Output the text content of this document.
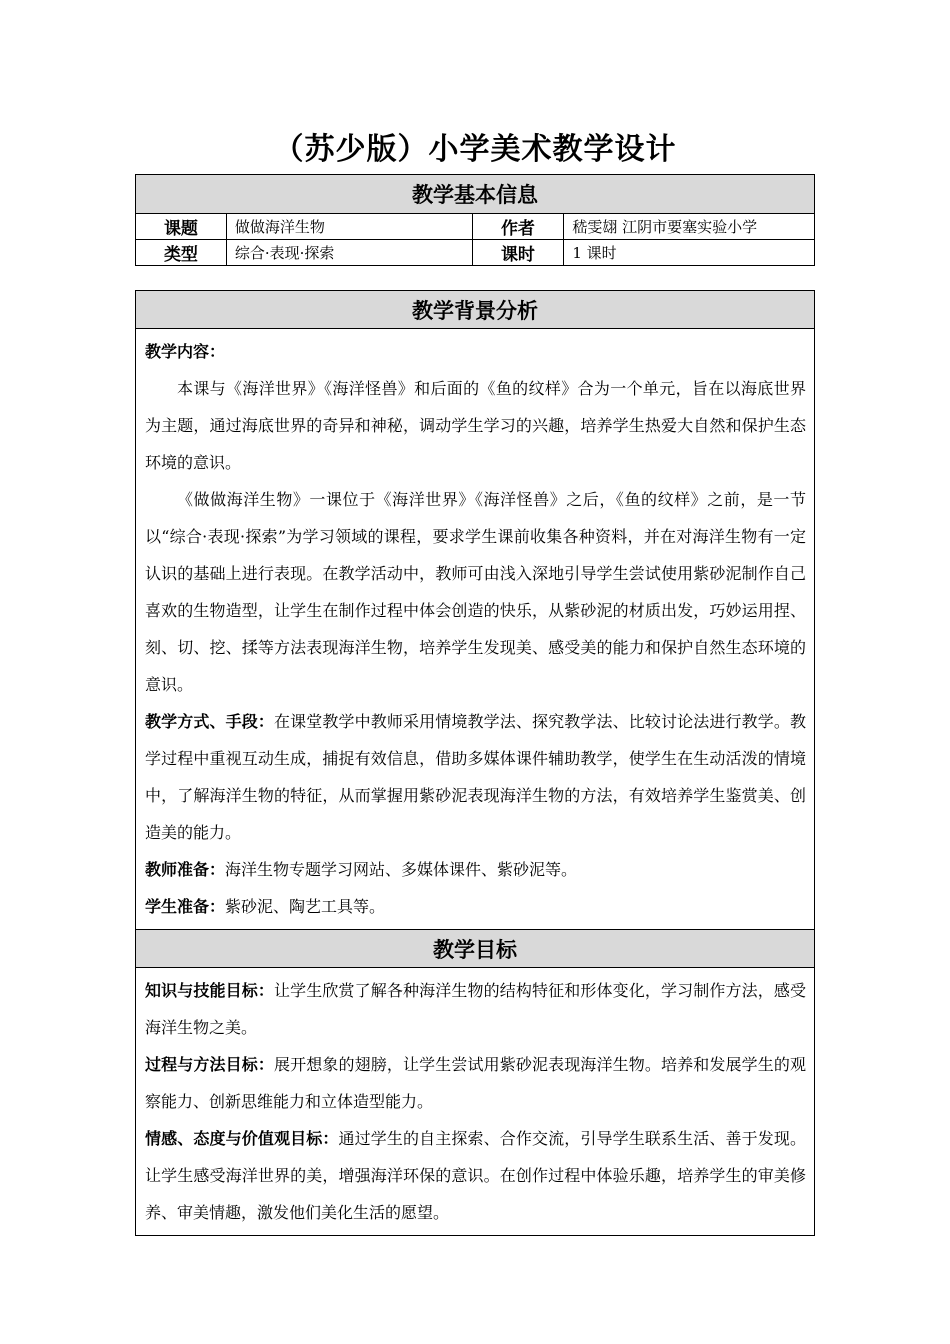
（苏少版）小学美术教学设计
教学基本信息			
课题	做做海洋生物	作者	嵇雯翃 江阴市要塞实验小学
类型	综合·表现·探索	课时	1 课时
教学背景分析

教学内容：

本课与《海洋世界》《海洋怪兽》和后面的《鱼的纹样》合为一个单元，旨在以海底世界为主题，通过海底世界的奇异和神秘，调动学生学习的兴趣，培养学生热爱大自然和保护生态环境的意识。

《做做海洋生物》一课位于《海洋世界》《海洋怪兽》之后，《鱼的纹样》之前，是一节以“综合·表现·探索”为学习领域的课程，要求学生课前收集各种资料，并在对海洋生物有一定认识的基础上进行表现。在教学活动中，教师可由浅入深地引导学生尝试使用紫砂泥制作自己喜欢的生物造型，让学生在制作过程中体会创造的快乐，从紫砂泥的材质出发，巧妙运用捏、刻、切、挖、揉等方法表现海洋生物，培养学生发现美、感受美的能力和保护自然生态环境的意识。

教学方式、手段：在课堂教学中教师采用情境教学法、探究教学法、比较讨论法进行教学。教学过程中重视互动生成，捕捉有效信息，借助多媒体课件辅助教学，使学生在生动活泼的情境中，了解海洋生物的特征，从而掌握用紫砂泥表现海洋生物的方法，有效培养学生鉴赏美、创造美的能力。

教师准备：海洋生物专题学习网站、多媒体课件、紫砂泥等。

学生准备：紫砂泥、陶艺工具等。

教学目标

知识与技能目标：让学生欣赏了解各种海洋生物的结构特征和形体变化，学习制作方法，感受海洋生物之美。

过程与方法目标：展开想象的翅膀，让学生尝试用紫砂泥表现海洋生物。培养和发展学生的观察能力、创新思维能力和立体造型能力。

情感、态度与价值观目标：通过学生的自主探索、合作交流，引导学生联系生活、善于发现。让学生感受海洋世界的美，增强海洋环保的意识。在创作过程中体验乐趣，培养学生的审美修养、审美情趣，激发他们美化生活的愿望。
